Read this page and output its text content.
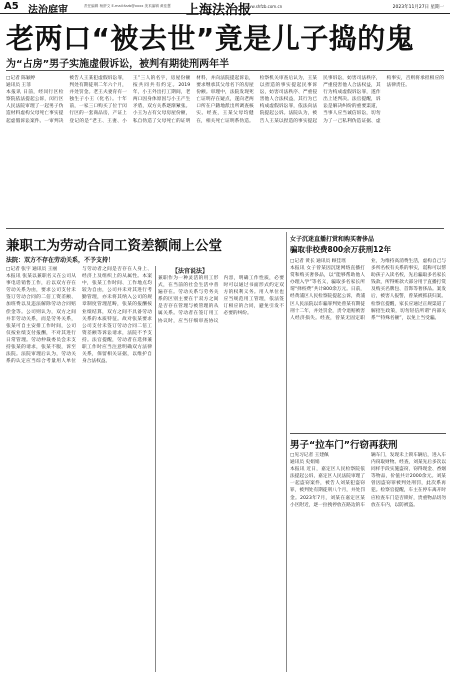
A5 法治庭审	责任编辑 杨舒文 E-mail:fzzb@xxxx 美术编辑 黄佳慧 上海法治报
www.shfzb.com.cn	2023年11月27日 星期一
老两口“被去世”竟是儿子捣的鬼
为“占房”男子实施虚假诉讼，被判有期徒刑两年半
□记者 陈颖婷
通讯员 王菲
本报讯 日前，经闵行区检察院依法提起公诉，闵行区人民法院审理了一起男子伪造材料虚构父母死亡事实提起虚假诉讼案件。一审判决被告人王某犯虚假诉讼罪，判处有期徒刑二年六个月，并处罚金。老王夫妻育有一独生子小王（化名）。十年前，一家三口购买了位于闵行区的一套商品房，产证上登记的是“老王、王妻、小王”三人的名字，房屋份额按共同共有约定。2019年，小王外出打工期间，老两口因身体原因与小王产生矛盾，双方关系逐渐紧张。小王为占有父母房屋份额，私自伪造了父母死亡的证明材料，并向法院提起诉讼，要求继承其父母名下的房屋份额。审理中，法院发现死亡证明存在疑点，遂向老两口所在户籍地派出所调查核实。经查，王某父母均健在，相关死亡证明系伪造。检察机关审查后认为，王某以捏造的事实提起民事诉讼，妨害司法秩序、严重侵害他人合法权益，其行为已构成虚假诉讼罪，依法向法院提起公诉。法院认为，被告人王某以捏造的事实提起民事诉讼，妨害司法秩序，严重侵害他人合法权益，其行为构成虚假诉讼罪，遂作出上述判决。法官提醒，诉讼是解决纠纷的重要渠道，当事人应当诚信诉讼，切勿为了一己私利伪造证据、虚构事实，否则将承担相应的法律责任。
兼职工为劳动合同工资差额闹上公堂
法院：双方不存在劳动关系，不予支持！
□记者 张宇 通讯员 王丽
本报讯 张某以兼职名义在公司从事电话销售工作，后以双方存在劳动关系为由，要求公司支付未签订劳动合同的二倍工资差额、加班费以及违法解除劳动合同赔偿金等。公司则认为，双方之间并非劳动关系，而是劳务关系，张某可自主安排工作时间，公司仅按业绩支付报酬，不对其进行日常管理。劳动仲裁委员会未支持张某的请求，张某不服，诉至法院。法院审理后认为，劳动关系的认定应当综合考量用人单位与劳动者之间是否存在人身上、经济上及组织上的从属性。本案中，张某工作时间、工作地点均较为自由，公司并未对其进行考勤管理，亦未将其纳入公司的规章制度管理范畴，张某的报酬按业绩结算，双方之间不具备劳动关系的本质特征。故对张某要求公司支付未签订劳动合同二倍工资差额等诉讼请求，法院不予支持。法官提醒，劳动者在选择兼职工作时应当注意明确双方法律关系，保留相关证据，以维护自身合法权益。
【法官说法】
兼职作为一种灵活的用工形式，在当前的社会生活中普遍存在。劳动关系与劳务关系的区别主要在于双方之间是否存在管理与被管理的从属关系。劳动者在签订用工协议时，应当仔细审查协议内容，明确工作性质，必要时可以通过书面形式约定双方的权利义务。用人单位也应当规范用工管理，依法签订相应的合同，避免引发不必要的纠纷。
女子沉迷直播打赏和购买奢侈品
骗取非校费800余万获刑12年
□记者 黄长 通讯员 顾佳瑶
本报讯 女子曾某因沉迷网络直播打赏和购买奢侈品，以“能够帮助他人办理入学”等名义，骗取多名家长所谓“择校费”共计800余万元。日前，经黄浦区人民检察院提起公诉，黄浦区人民法院以诈骗罪判处曾某有期徒刑十二年，并处罚金，责令退赔被害人经济损失。经查，曾某无固定职业，为维持高消费生活，虚构自己与多所名校有关系的事实，谎称可以帮助孩子入读名校，先后骗取多名家长钱款，所得赃款大部分用于直播打赏及购买名牌包、首饰等奢侈品。案发后，被害人报警，曾某被抓获归案。检察官提醒，家长应通过正规渠道了解招生政策，切勿轻信所谓“内部关系”“特殊名额”，以免上当受骗。
男子“拉车门”行窃再获刑
□见习记者 王建佩
通讯员 史娟娟
本报讯 近日，嘉定区人民检察院依法提起公诉，嘉定区人民法院审理了一起盗窃案件，被告人刘某犯盗窃罪，被判处有期徒刑八个月，并处罚金。2023年7月，刘某在嘉定区某小区附近，逐一拉拽停放在路边的车辆车门，发现未上锁车辆后，进入车内窃取财物。经查，刘某先后多次以同样手段实施盗窃，窃得现金、香烟等物品，价值共计2000余元。刘某曾因盗窃罪被判处刑罚，此次系再犯。检察官提醒，车主在停车离开时应检查车门是否锁好，贵重物品切勿放在车内，以防被盗。
